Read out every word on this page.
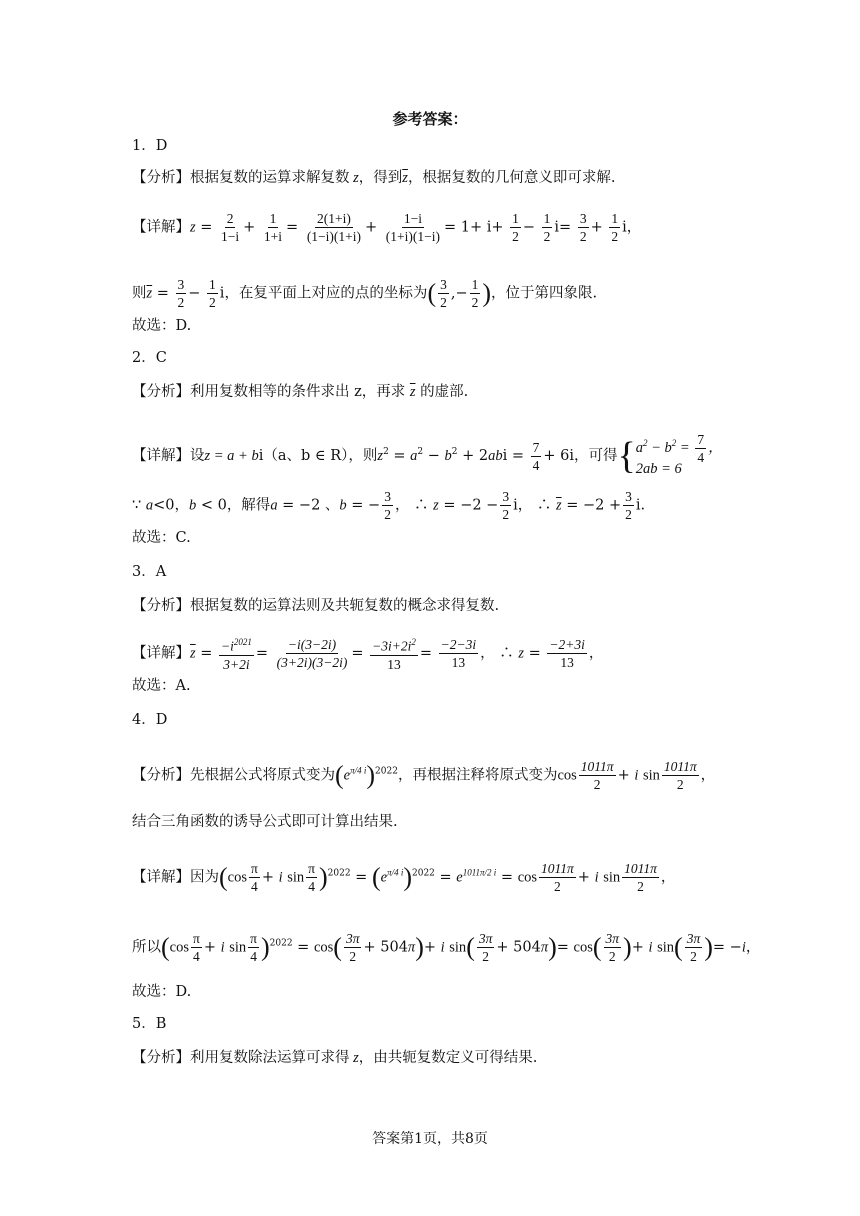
参考答案：
1．D
【分析】根据复数的运算求解复数 z，得到$\overline{z}$，根据复数的几何意义即可求解.
【详解】$z = \frac{2}{1-i} + \frac{1}{1+i} = \frac{2(1+i)}{(1-i)(1+i)} + \frac{1-i}{(1+i)(1-i)} = 1+ i+ \frac{1}{2} - \frac{1}{2} i= \frac{3}{2} + \frac{1}{2}$ i，
则$\overline{z} = \frac{3}{2} - \frac{1}{2}$ i，在复平面上对应的点的坐标为( $\frac{3}{2}$ ,− $\frac{1}{2}$ )，位于第四象限.
故选：D.
2．C
【分析】利用复数相等的条件求出 z，再求 $\overline{z}$ 的虚部.
【详解】设z = a + bi（a、b ∈ R），则$z^2 = a^2 - b^2 + 2abi = \frac{7}{4} + 6i$，可得{ $a^2 - b^2 = \frac{7}{4}$ ，
2ab = 6
∵ a<0，b < 0，解得a = −2 、b = − $\frac{3}{2}$ ， ∴ $z = -2 - \frac{3}{2}$ i， ∴ $\overline{z} = -2 + \frac{3}{2} i$.
故选：C.
3．A
【分析】根据复数的运算法则及共轭复数的概念求得复数.
【详解】$\overline{z} = \frac{-i^{2021}}{3+2i} = \frac{-i(3-2i)}{(3+2i)(3-2i)} = \frac{-3i+2i^2}{13} = \frac{-2-3i}{13}$ ， ∴ $z = \frac{-2+3i}{13}$ ，
故选：A.
4．D
【分析】先根据公式将原式变为$(e^{\pi/4 i})^{2022}$，再根据注释将原式变为$\cos \frac{1011\pi}{2} + i$ $\sin \frac{1011\pi}{2}$ ，
结合三角函数的诱导公式即可计算出结果.
【详解】因为($\cos \frac{\pi}{4} + i$ $\sin \frac{\pi}{4} )^{2022} = (e^{\pi/4 i})^{2022} = e^{1011\pi/2 i} = \cos \frac{1011\pi}{2} + i$ $\sin \frac{1011\pi}{2}$ ，
所以($\cos \frac{\pi}{4} + i$ $\sin \frac{\pi}{4} )^{2022} = \cos( \frac{3\pi}{2} + 504\pi)+ i$ $\sin( \frac{3\pi}{2} + 504\pi)= \cos( \frac{3\pi}{2}$ )+ i $\sin( \frac{3\pi}{2}$ )= −i，
故选：D.
5．B
【分析】利用复数除法运算可求得 z，由共轭复数定义可得结果.
答案第1页，共8页
